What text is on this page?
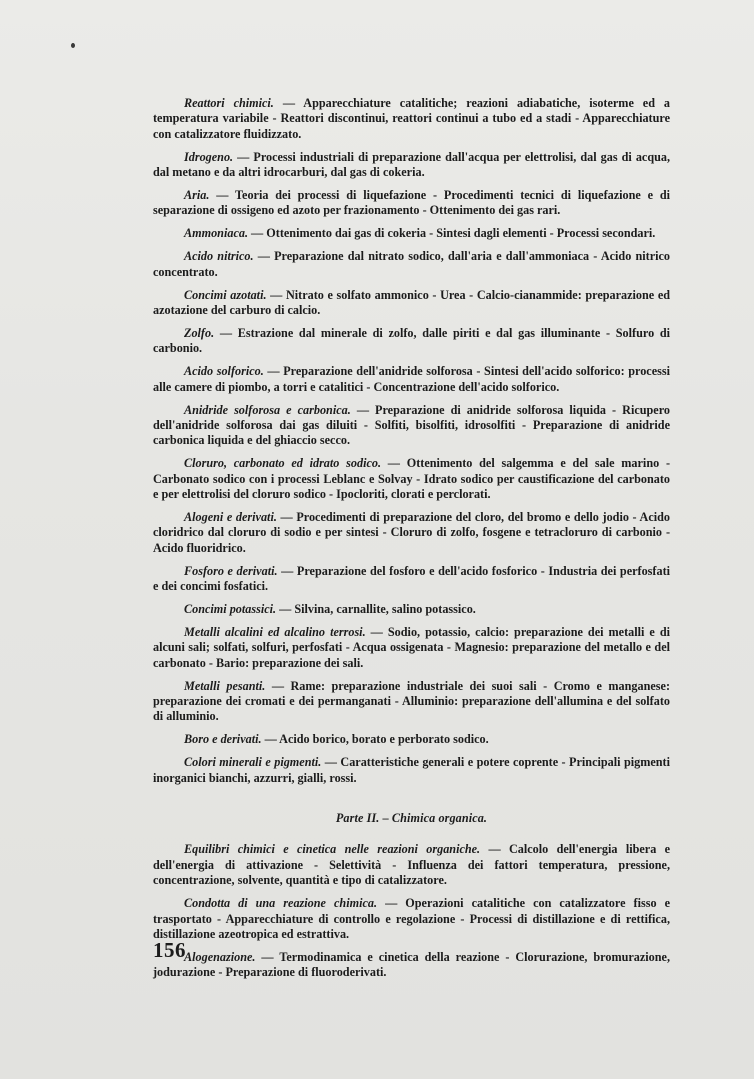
Reattori chimici. — Apparecchiature catalitiche; reazioni adiabatiche, isoterme ed a temperatura variabile - Reattori discontinui, reattori continui a tubo ed a stadi - Apparecchiature con catalizzatore fluidizzato.

Idrogeno. — Processi industriali di preparazione dall'acqua per elettrolisi, dal gas di acqua, dal metano e da altri idrocarburi, dal gas di cokeria.

Aria. — Teoria dei processi di liquefazione - Procedimenti tecnici di liquefazione e di separazione di ossigeno ed azoto per frazionamento - Ottenimento dei gas rari.

Ammoniaca. — Ottenimento dai gas di cokeria - Sintesi dagli elementi - Processi secondari.

Acido nitrico. — Preparazione dal nitrato sodico, dall'aria e dall'ammoniaca - Acido nitrico concentrato.

Concimi azotati. — Nitrato e solfato ammonico - Urea - Calcio-cianammide: preparazione ed azotazione del carburo di calcio.

Zolfo. — Estrazione dal minerale di zolfo, dalle piriti e dal gas illuminante - Solfuro di carbonio.

Acido solforico. — Preparazione dell'anidride solforosa - Sintesi dell'acido solforico: processi alle camere di piombo, a torri e catalitici - Concentrazione dell'acido solforico.

Anidride solforosa e carbonica. — Preparazione di anidride solforosa liquida - Ricupero dell'anidride solforosa dai gas diluiti - Solfiti, bisolfiti, idrosolfiti - Preparazione di anidride carbonica liquida e del ghiaccio secco.

Cloruro, carbonato ed idrato sodico. — Ottenimento del salgemma e del sale marino - Carbonato sodico con i processi Leblanc e Solvay - Idrato sodico per caustificazione del carbonato e per elettrolisi del cloruro sodico - Ipocloriti, clorati e perclorati.

Alogeni e derivati. — Procedimenti di preparazione del cloro, del bromo e dello jodio - Acido cloridrico dal cloruro di sodio e per sintesi - Cloruro di zolfo, fosgene e tetracloruro di carbonio - Acido fluoridrico.

Fosforo e derivati. — Preparazione del fosforo e dell'acido fosforico - Industria dei perfosfati e dei concimi fosfatici.

Concimi potassici. — Silvina, carnallite, salino potassico.

Metalli alcalini ed alcalino terrosi. — Sodio, potassio, calcio: preparazione dei metalli e di alcuni sali; solfati, solfuri, perfosfati - Acqua ossigenata - Magnesio: preparazione del metallo e del carbonato - Bario: preparazione dei sali.

Metalli pesanti. — Rame: preparazione industriale dei suoi sali - Cromo e manganese: preparazione dei cromati e dei permanganati - Alluminio: preparazione dell'allumina e del solfato di alluminio.

Boro e derivati. — Acido borico, borato e perborato sodico.

Colori minerali e pigmenti. — Caratteristiche generali e potere coprente - Principali pigmenti inorganici bianchi, azzurri, gialli, rossi.

Parte II. – Chimica organica.

Equilibri chimici e cinetica nelle reazioni organiche. — Calcolo dell'energia libera e dell'energia di attivazione - Selettività - Influenza dei fattori temperatura, pressione, concentrazione, solvente, quantità e tipo di catalizzatore.

Condotta di una reazione chimica. — Operazioni catalitiche con catalizzatore fisso e trasportato - Apparecchiature di controllo e regolazione - Processi di distillazione e di rettifica, distillazione azeotropica ed estrattiva.

Alogenazione. — Termodinamica e cinetica della reazione - Clorurazione, bromurazione, jodurazione - Preparazione di fluoroderivati.

156
